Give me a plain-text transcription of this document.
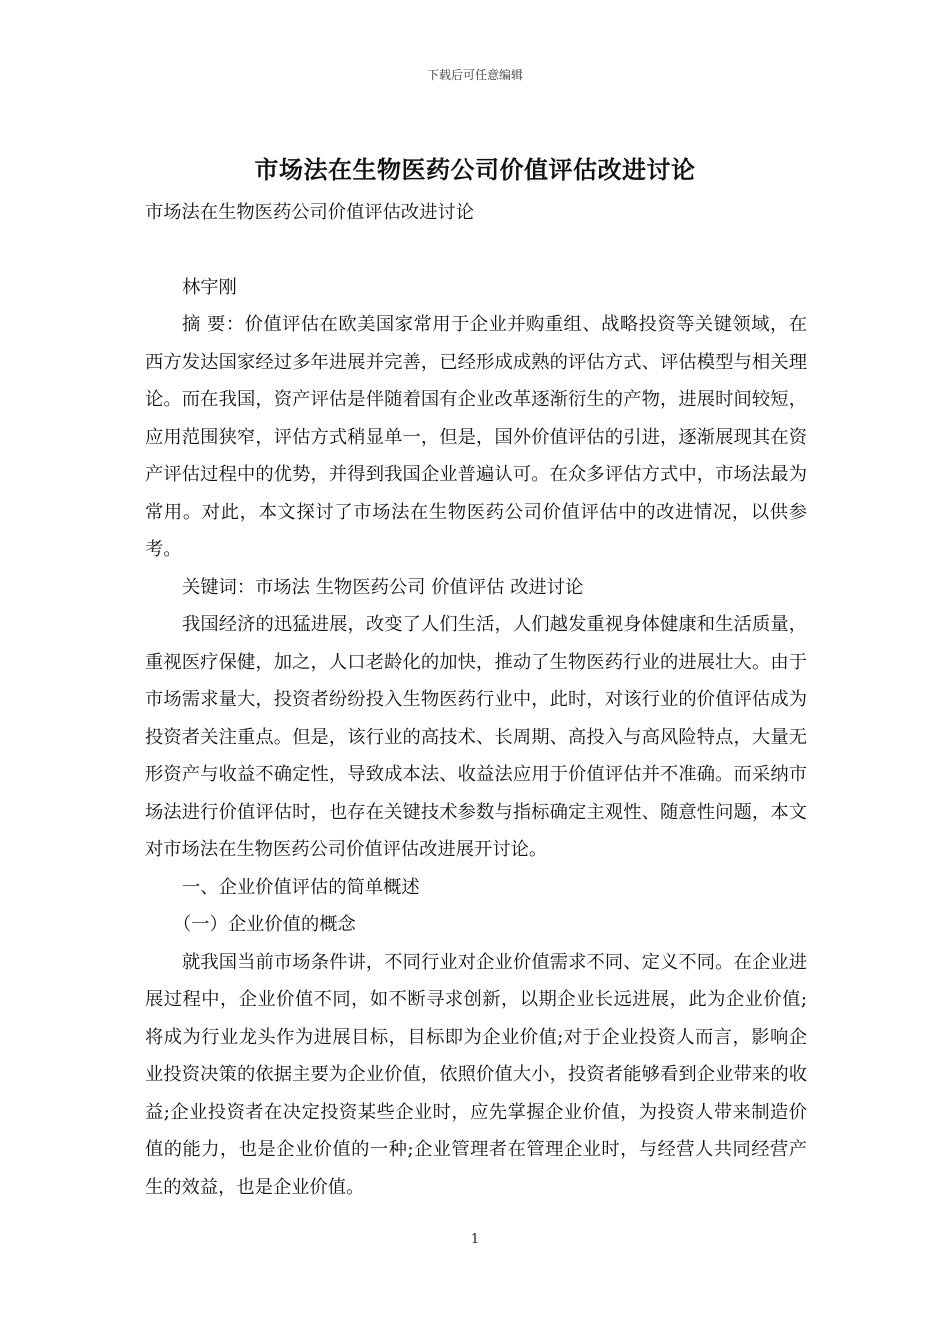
下载后可任意编辑
市场法在生物医药公司价值评估改进讨论

市场法在生物医药公司价值评估改进讨论

林宇刚

摘 要：价值评估在欧美国家常用于企业并购重组、战略投资等关键领域，在西方发达国家经过多年进展并完善，已经形成成熟的评估方式、评估模型与相关理论。而在我国，资产评估是伴随着国有企业改革逐渐衍生的产物，进展时间较短，应用范围狭窄，评估方式稍显单一，但是，国外价值评估的引进，逐渐展现其在资产评估过程中的优势，并得到我国企业普遍认可。在众多评估方式中，市场法最为常用。对此，本文探讨了市场法在生物医药公司价值评估中的改进情况，以供参考。

关键词：市场法 生物医药公司 价值评估 改进讨论

我国经济的迅猛进展，改变了人们生活，人们越发重视身体健康和生活质量，重视医疗保健，加之，人口老龄化的加快，推动了生物医药行业的进展壮大。由于市场需求量大，投资者纷纷投入生物医药行业中，此时，对该行业的价值评估成为投资者关注重点。但是，该行业的高技术、长周期、高投入与高风险特点，大量无形资产与收益不确定性，导致成本法、收益法应用于价值评估并不准确。而采纳市场法进行价值评估时，也存在关键技术参数与指标确定主观性、随意性问题，本文对市场法在生物医药公司价值评估改进展开讨论。

一、企业价值评估的简单概述

（一）企业价值的概念

就我国当前市场条件讲，不同行业对企业价值需求不同、定义不同。在企业进展过程中，企业价值不同，如不断寻求创新，以期企业长远进展，此为企业价值;将成为行业龙头作为进展目标，目标即为企业价值;对于企业投资人而言，影响企业投资决策的依据主要为企业价值，依照价值大小，投资者能够看到企业带来的收益;企业投资者在决定投资某些企业时，应先掌握企业价值，为投资人带来制造价值的能力，也是企业价值的一种;企业管理者在管理企业时，与经营人共同经营产生的效益，也是企业价值。

1
